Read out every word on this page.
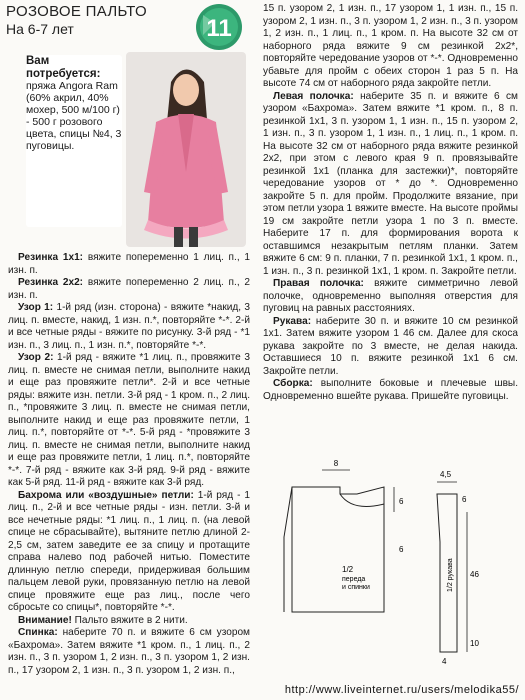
РОЗОВОЕ ПАЛЬТО
На 6-7 лет	11
Вам потребуется:
пряжа Angora Ram (60% акрил, 40% мохер, 500 м/100 г) - 500 г розового цвета, спицы №4, 3 пуговицы.

Резинка 1х1: вяжите попеременно 1 лиц. п., 1 изн. п.

Резинка 2х2: вяжите попеременно 2 лиц. п., 2 изн. п.

Узор 1: 1-й ряд (изн. сторона) - вяжите *накид, 3 лиц. п. вместе, накид, 1 изн. п.*, повторяйте *-*. 2-й и все четные ряды - вяжите по рисунку. 3-й ряд - *1 изн. п., 3 лиц. п., 1 изн. п.*, повторяйте *-*.

Узор 2: 1-й ряд - вяжите *1 лиц. п., провяжите 3 лиц. п. вместе не снимая петли, выполните накид и еще раз провяжите петли*. 2-й и все четные ряды: вяжите изн. петли. 3-й ряд - 1 кром. п., 2 лиц. п., *провяжите 3 лиц. п. вместе не снимая петли, выполните накид и еще раз провяжите петли, 1 лиц. п.*, повторяйте от *-*. 5-й ряд - *провяжите 3 лиц. п. вместе не снимая петли, выполните накид и еще раз провяжите петли, 1 лиц. п.*, повторяйте *-*. 7-й ряд - вяжите как 3-й ряд. 9-й ряд - вяжите как 5-й ряд. 11-й ряд - вяжите как 3-й ряд.

Бахрома или «воздушные» петли: 1-й ряд - 1 лиц. п., 2-й и все четные ряды - изн. петли. 3-й и все нечетные ряды: *1 лиц. п., 1 лиц. п. (на левой спице не сбрасывайте), вытяните петлю длиной 2-2,5 см, затем заведите ее за спицу и протащите справа налево под рабочей нитью. Поместите длинную петлю спереди, придерживая большим пальцем левой руки, провязанную петлю на левой спице провяжите еще раз лиц., после чего сбросьте со спицы*, повторяйте *-*.

Внимание! Пальто вяжите в 2 нити.

Спинка: наберите 70 п. и вяжите 6 см узором «Бахрома». Затем вяжите *1 кром. п., 1 лиц. п., 2 изн. п., 3 п. узором 1, 2 изн. п., 3 п. узором 1, 2 изн. п., 17 узором 2, 1 изн. п., 3 п. узором 1, 2 изн. п.,

15 п. узором 2, 1 изн. п., 17 узором 1, 1 изн. п., 15 п. узором 2, 1 изн. п., 3 п. узором 1, 2 изн. п., 3 п. узором 1, 2 изн. п., 1 лиц. п., 1 кром. п. На высоте 32 см от наборного ряда вяжите 9 см резинкой 2х2*, повторяйте чередование узоров от *-*. Одновременно убавьте для пройм с обеих сторон 1 раз 5 п. На высоте 74 см от наборного ряда закройте петли.

Левая полочка: наберите 35 п. и вяжите 6 см узором «Бахрома». Затем вяжите *1 кром. п., 8 п. резинкой 1х1, 3 п. узором 1, 1 изн. п., 15 п. узором 2, 1 изн. п., 3 п. узором 1, 1 изн. п., 1 лиц. п., 1 кром. п. На высоте 32 см от наборного ряда вяжите резинкой 2х2, при этом с левого края 9 п. провязывайте резинкой 1х1 (планка для застежки)*, повторяйте чередование узоров от * до *. Одновременно закройте 5 п. для пройм. Продолжите вязание, при этом петли узора 1 вяжите вместе. На высоте проймы 19 см закройте петли узора 1 по 3 п. вместе. Наберите 17 п. для формирования ворота к оставшимся незакрытым петлям планки. Затем вяжите 6 см: 9 п. планки, 7 п. резинкой 1х1, 1 кром. п., 1 изн. п., 3 п. резинкой 1х1, 1 кром. п. Закройте петли.

Правая полочка: вяжите симметрично левой полочке, одновременно выполняя отверстия для пуговиц на равных расстояниях.

Рукава: наберите 30 п. и вяжите 10 см резинкой 1х1. Затем вяжите узором 1 46 см. Далее для скоса рукава закройте по 3 вместе, не делая накида. Оставшиеся 10 п. вяжите резинкой 1х1 6 см. Закройте петли.

Сборка: выполните боковые и плечевые швы. Одновременно вшейте рукава. Пришейте пуговицы.

8
6
1/2
переда
и спинки
6
4,5
6
46
1/2 рукава
10
4
http://www.liveinternet.ru/users/melodika55/
